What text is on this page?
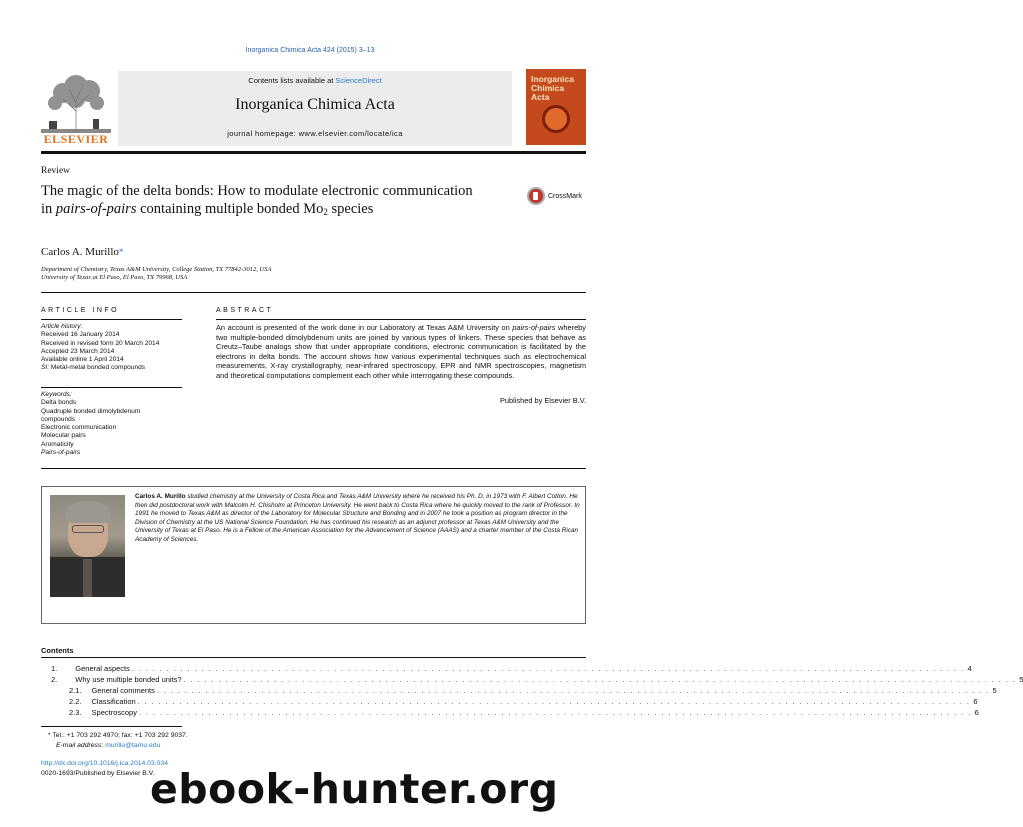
Inorganica Chimica Acta 424 (2015) 3–13
ELSEVIER
Contents lists available at ScienceDirect
Inorganica Chimica Acta
journal homepage: www.elsevier.com/locate/ica
Inorganica Chimica Acta
Review
The magic of the delta bonds: How to modulate electronic communication in pairs-of-pairs containing multiple bonded $Mo_2$ species
CrossMark
Carlos A. Murillo*
Department of Chemistry, Texas A&M University, College Station, TX 77842-3012, USA
University of Texas at El Paso, El Paso, TX 79968, USA
ARTICLE INFO	ABSTRACT
Article history:
Received 16 January 2014
Received in revised form 20 March 2014
Accepted 23 March 2014
Available online 1 April 2014
SI: Metal-metal bonded compounds
Keywords:
Delta bonds
Quadruple bonded dimolybdenum
compounds
Electronic communication
Molecular pairs
Aromaticity
Pairs-of-pairs
An account is presented of the work done in our Laboratory at Texas A&M University on pairs-of-pairs whereby two multiple-bonded dimolybdenum units are joined by various types of linkers. These species that behave as Creutz–Taube analogs show that under appropriate conditions, electronic communication is facilitated by the electrons in delta bonds. The account shows how various experimental techniques such as electrochemical measurements, X-ray crystallography, near-infrared spectroscopy, EPR and NMR spectroscopies, magnetism and theoretical computations complement each other while interrogating these compounds.
Published by Elsevier B.V.
Carlos A. Murillo studied chemistry at the University of Costa Rica and Texas A&M University where he received his Ph. D. in 1973 with F. Albert Cotton. He then did postdoctoral work with Malcolm H. Chisholm at Princeton University. He went back to Costa Rica where he quickly moved to the rank of Professor. In 1991 he moved to Texas A&M as director of the Laboratory for Molecular Structure and Bonding and in 2007 he took a position as program director in the Division of Chemistry at the US National Science Foundation. He has continued his research as an adjunct professor at Texas A&M University and the University of Texas at El Paso. He is a Fellow of the American Association for the Advancement of Science (AAAS) and a charter member of the Costa Rican Academy of Sciences.
Contents
1.	General aspects . . . . . . . . . . . . . . . . . . . . . . . . . . . . . . . . . . . . . . . . . . . . . . . . . . . . . . . . . . . . . . . . . . . . . . . . . . . . . . . . . . . . . . . . . . . . . . . . . . . . . . . . . . . . . . . . . . . . . . . . 4
2.	Why use multiple bonded units? . . . . . . . . . . . . . . . . . . . . . . . . . . . . . . . . . . . . . . . . . . . . . . . . . . . . . . . . . . . . . . . . . . . . . . . . . . . . . . . . . . . . . . . . . . . . . . . . . . . . . . . . . . . . . . . . . . . . . . . . 5
2.1.	General comments . . . . . . . . . . . . . . . . . . . . . . . . . . . . . . . . . . . . . . . . . . . . . . . . . . . . . . . . . . . . . . . . . . . . . . . . . . . . . . . . . . . . . . . . . . . . . . . . . . . . . . . . . . . . . . . . . . . . . . . . 5
2.2.	Classification . . . . . . . . . . . . . . . . . . . . . . . . . . . . . . . . . . . . . . . . . . . . . . . . . . . . . . . . . . . . . . . . . . . . . . . . . . . . . . . . . . . . . . . . . . . . . . . . . . . . . . . . . . . . . . . . . . . . . . . . 6
2.3.	Spectroscopy . . . . . . . . . . . . . . . . . . . . . . . . . . . . . . . . . . . . . . . . . . . . . . . . . . . . . . . . . . . . . . . . . . . . . . . . . . . . . . . . . . . . . . . . . . . . . . . . . . . . . . . . . . . . . . . . . . . . . . . . 6
* Tel.: +1 703 292 4970; fax: +1 703 292 9037.
E-mail address: murillo@tamu.edu
http://dx.doi.org/10.1016/j.ica.2014.03.034
0020-1693/Published by Elsevier B.V.
ebook-hunter.org
